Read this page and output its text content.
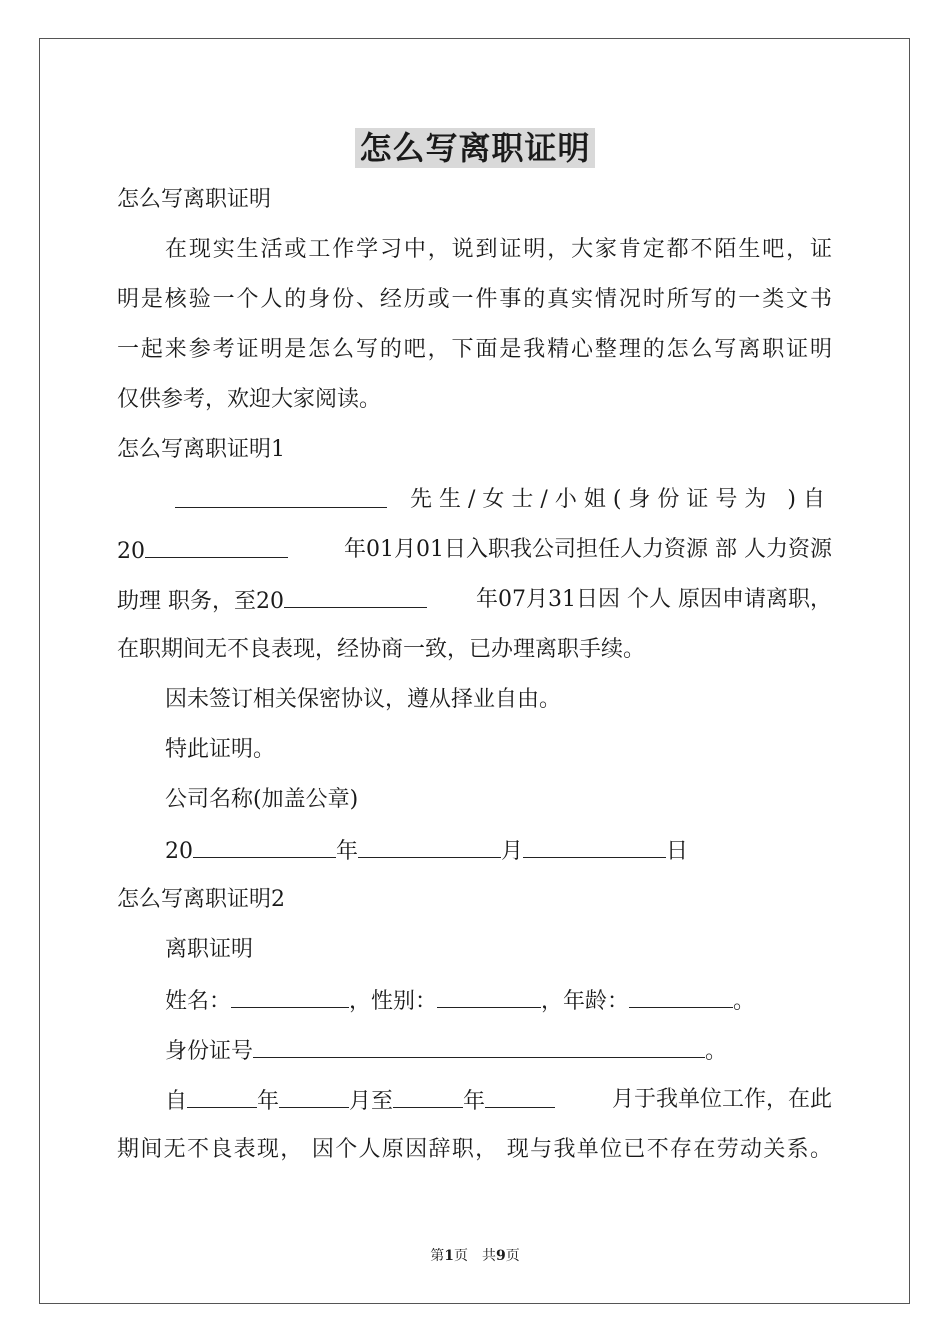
怎么写离职证明
怎么写离职证明
在现实生活或工作学习中，说到证明，大家肯定都不陌生吧，证
明是核验一个人的身份、经历或一件事的真实情况时所写的一类文书
一起来参考证明是怎么写的吧，下面是我精心整理的怎么写离职证明
仅供参考，欢迎大家阅读。
怎么写离职证明1
先生/女士/小姐(身份证号为 )自
20	年01月01日入职我公司担任人力资源 部 人力资源
助理 职务，至20	年07月31日因 个人 原因申请离职，
在职期间无不良表现，经协商一致，已办理离职手续。
因未签订相关保密协议，遵从择业自由。
特此证明。
公司名称(加盖公章)
20	年	月	日
怎么写离职证明2
离职证明
姓名：	，性别：	，年龄：	。
身份证号	。
自	年	月至	年	月于我单位工作，在此
期间无不良表现， 因个人原因辞职， 现与我单位已不存在劳动关系。
第1页　共9页
